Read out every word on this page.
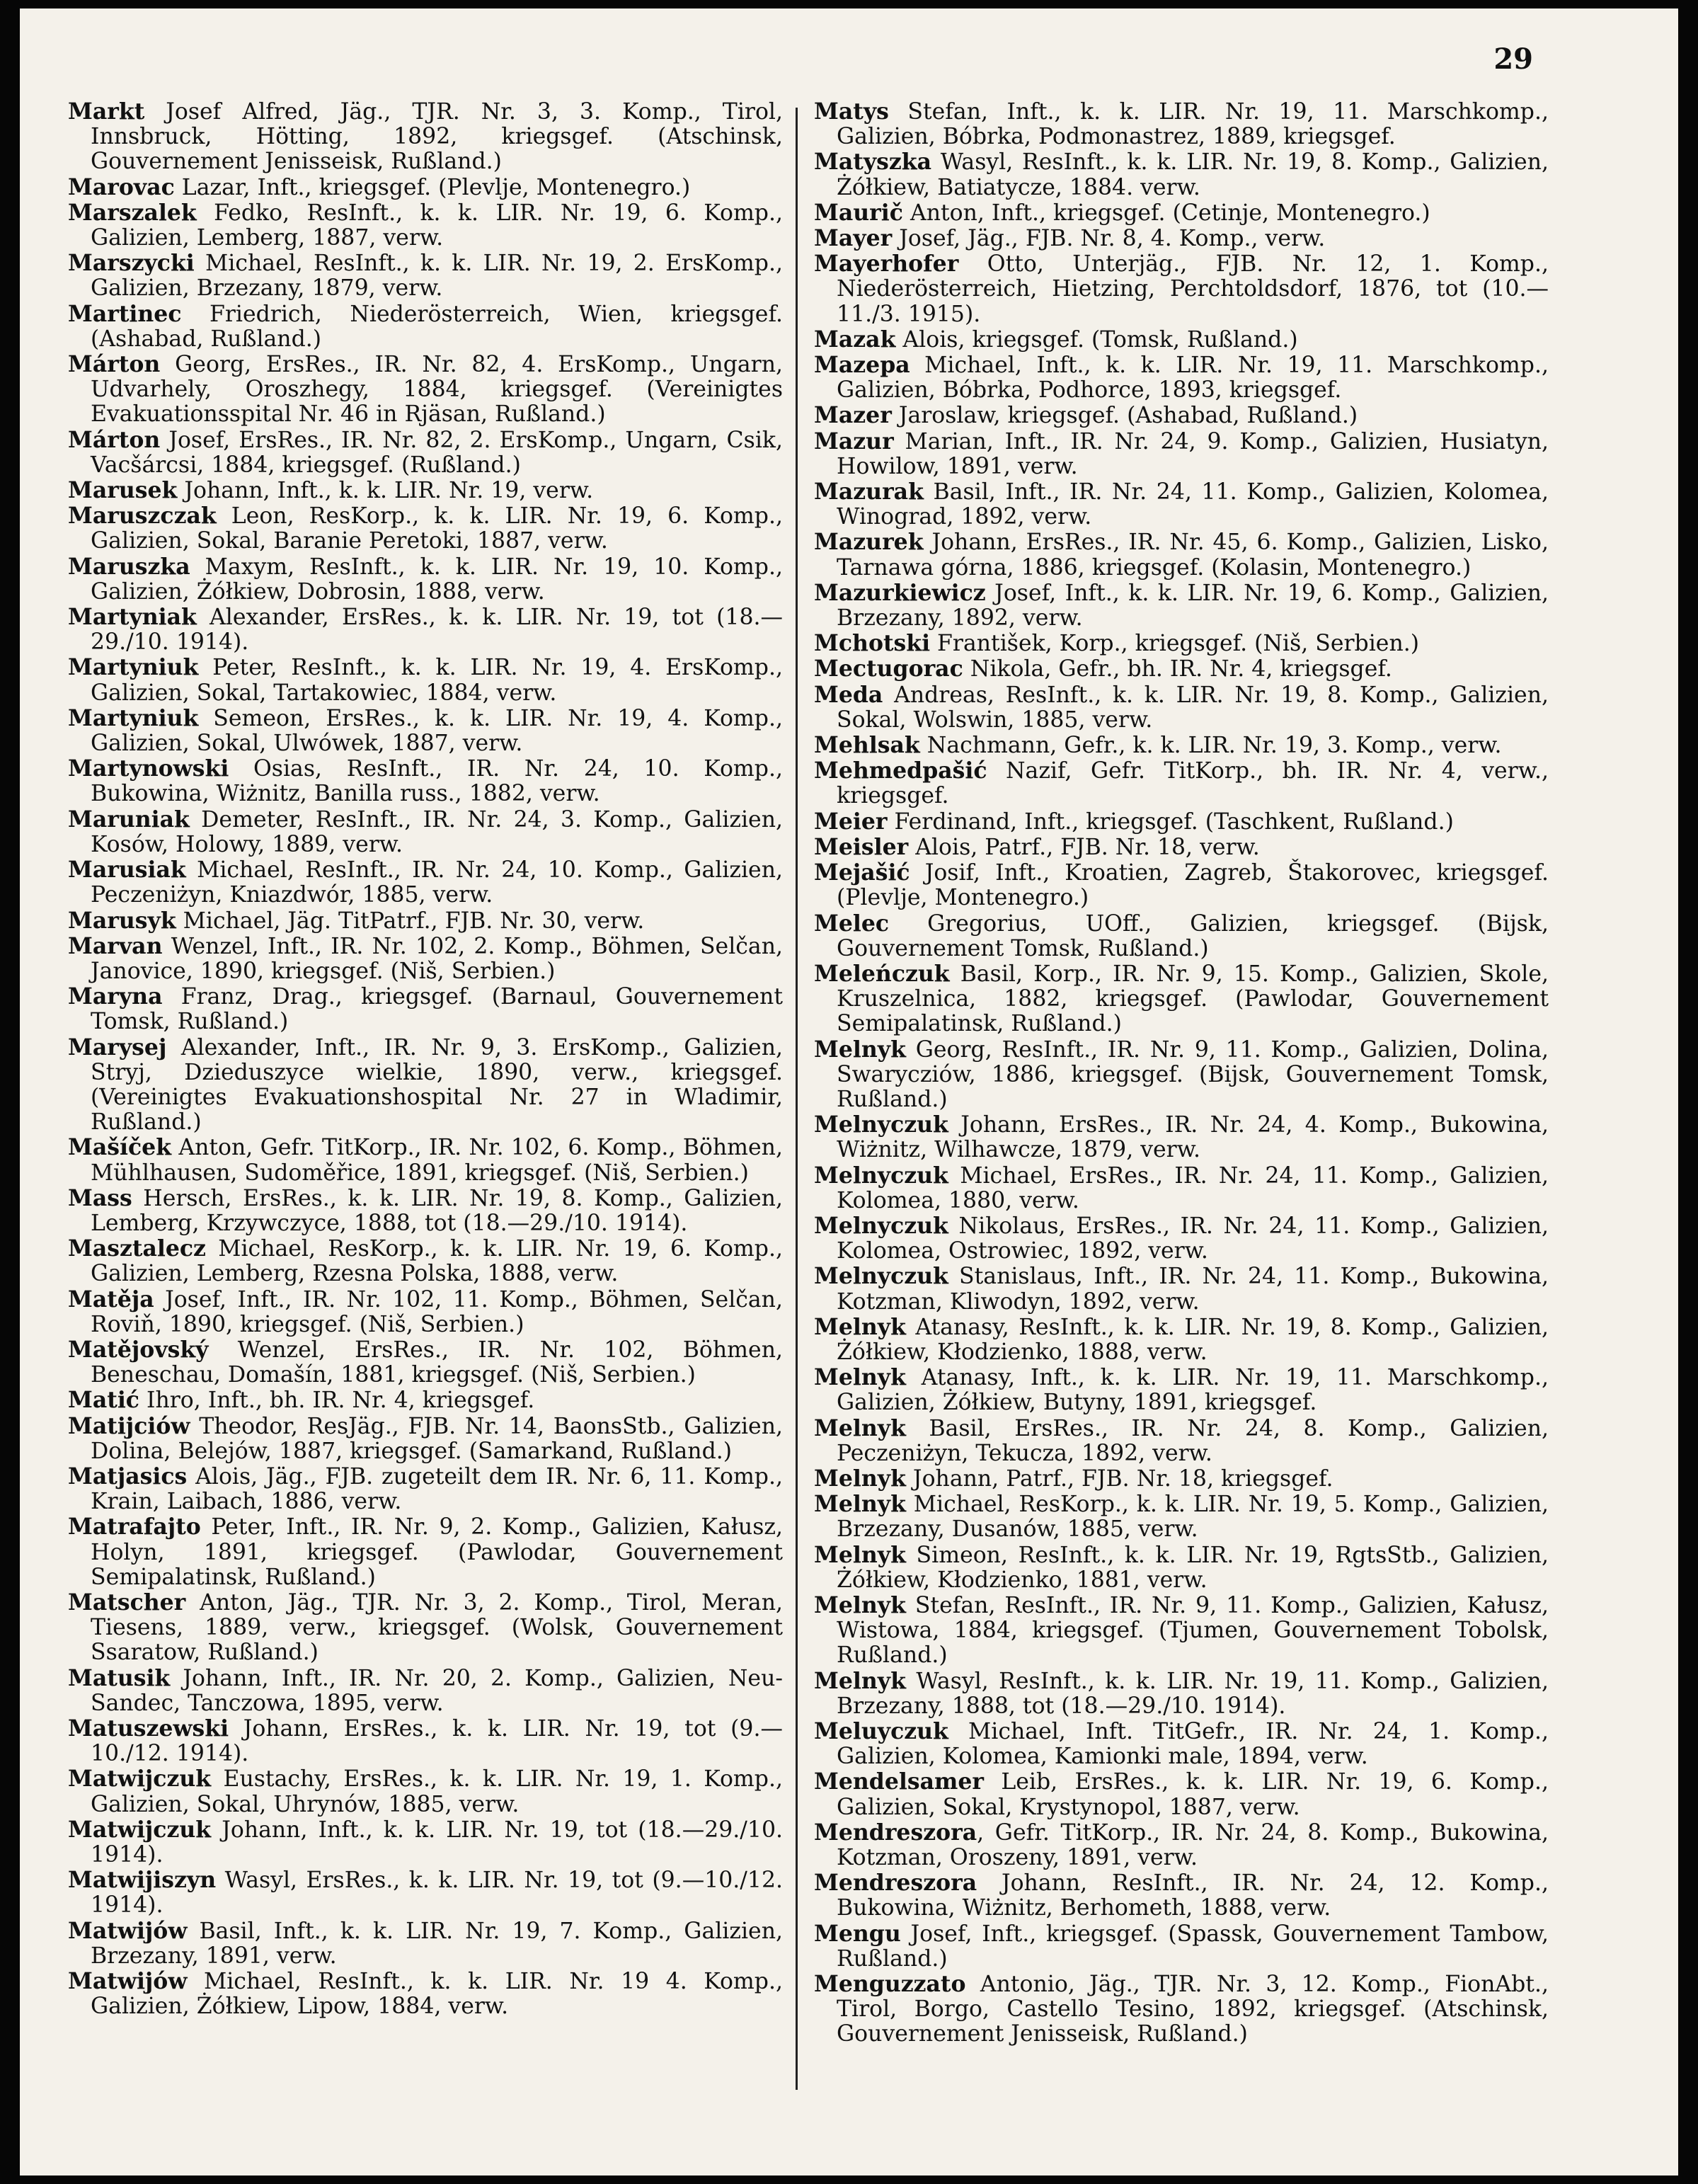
29

Markt Josef Alfred, Jäg., TJR. Nr. 3, 3. Komp., Tirol, Innsbruck, Hötting, 1892, kriegsgef. (Atschinsk, Gouvernement Jenisseisk, Rußland.)

Marovac Lazar, Inft., kriegsgef. (Plevlje, Montenegro.)

Marszalek Fedko, ResInft., k. k. LIR. Nr. 19, 6. Komp., Galizien, Lemberg, 1887, verw.

Marszycki Michael, ResInft., k. k. LIR. Nr. 19, 2. ErsKomp., Galizien, Brzezany, 1879, verw.

Martinec Friedrich, Niederösterreich, Wien, kriegsgef. (Ashabad, Rußland.)

Márton Georg, ErsRes., IR. Nr. 82, 4. ErsKomp., Ungarn, Udvarhely, Oroszhegy, 1884, kriegsgef. (Vereinigtes Evakuationsspital Nr. 46 in Rjäsan, Rußland.)

Márton Josef, ErsRes., IR. Nr. 82, 2. ErsKomp., Ungarn, Csik, Vacšárcsi, 1884, kriegsgef. (Rußland.)

Marusek Johann, Inft., k. k. LIR. Nr. 19, verw.

Maruszczak Leon, ResKorp., k. k. LIR. Nr. 19, 6. Komp., Galizien, Sokal, Baranie Peretoki, 1887, verw.

Maruszka Maxym, ResInft., k. k. LIR. Nr. 19, 10. Komp., Galizien, Żółkiew, Dobrosin, 1888, verw.

Martyniak Alexander, ErsRes., k. k. LIR. Nr. 19, tot (18.—29./10. 1914).

Martyniuk Peter, ResInft., k. k. LIR. Nr. 19, 4. ErsKomp., Galizien, Sokal, Tartakowiec, 1884, verw.

Martyniuk Semeon, ErsRes., k. k. LIR. Nr. 19, 4. Komp., Galizien, Sokal, Ulwówek, 1887, verw.

Martynowski Osias, ResInft., IR. Nr. 24, 10. Komp., Bukowina, Wiżnitz, Banilla russ., 1882, verw.

Maruniak Demeter, ResInft., IR. Nr. 24, 3. Komp., Galizien, Kosów, Holowy, 1889, verw.

Marusiak Michael, ResInft., IR. Nr. 24, 10. Komp., Galizien, Peczeniżyn, Kniazdwór, 1885, verw.

Marusyk Michael, Jäg. TitPatrf., FJB. Nr. 30, verw.

Marvan Wenzel, Inft., IR. Nr. 102, 2. Komp., Böhmen, Selčan, Janovice, 1890, kriegsgef. (Niš, Serbien.)

Maryna Franz, Drag., kriegsgef. (Barnaul, Gouvernement Tomsk, Rußland.)

Marysej Alexander, Inft., IR. Nr. 9, 3. ErsKomp., Galizien, Stryj, Dzieduszyce wielkie, 1890, verw., kriegsgef. (Vereinigtes Evakuationshospital Nr. 27 in Wladimir, Rußland.)

Mašíček Anton, Gefr. TitKorp., IR. Nr. 102, 6. Komp., Böhmen, Mühlhausen, Sudoměřice, 1891, kriegsgef. (Niš, Serbien.)

Mass Hersch, ErsRes., k. k. LIR. Nr. 19, 8. Komp., Galizien, Lemberg, Krzywczyce, 1888, tot (18.—29./10. 1914).

Masztalecz Michael, ResKorp., k. k. LIR. Nr. 19, 6. Komp., Galizien, Lemberg, Rzesna Polska, 1888, verw.

Matěja Josef, Inft., IR. Nr. 102, 11. Komp., Böhmen, Selčan, Roviň, 1890, kriegsgef. (Niš, Serbien.)

Matějovský Wenzel, ErsRes., IR. Nr. 102, Böhmen, Beneschau, Domašín, 1881, kriegsgef. (Niš, Serbien.)

Matić Ihro, Inft., bh. IR. Nr. 4, kriegsgef.

Matijciów Theodor, ResJäg., FJB. Nr. 14, BaonsStb., Galizien, Dolina, Belejów, 1887, kriegsgef. (Samarkand, Rußland.)

Matjasics Alois, Jäg., FJB. zugeteilt dem IR. Nr. 6, 11. Komp., Krain, Laibach, 1886, verw.

Matrafajto Peter, Inft., IR. Nr. 9, 2. Komp., Galizien, Kałusz, Holyn, 1891, kriegsgef. (Pawlodar, Gouvernement Semipalatinsk, Rußland.)

Matscher Anton, Jäg., TJR. Nr. 3, 2. Komp., Tirol, Meran, Tiesens, 1889, verw., kriegsgef. (Wolsk, Gouvernement Ssaratow, Rußland.)

Matusik Johann, Inft., IR. Nr. 20, 2. Komp., Galizien, Neu-Sandec, Tanczowa, 1895, verw.

Matuszewski Johann, ErsRes., k. k. LIR. Nr. 19, tot (9.—10./12. 1914).

Matwijczuk Eustachy, ErsRes., k. k. LIR. Nr. 19, 1. Komp., Galizien, Sokal, Uhrynów, 1885, verw.

Matwijczuk Johann, Inft., k. k. LIR. Nr. 19, tot (18.—29./10. 1914).

Matwijiszyn Wasyl, ErsRes., k. k. LIR. Nr. 19, tot (9.—10./12. 1914).

Matwijów Basil, Inft., k. k. LIR. Nr. 19, 7. Komp., Galizien, Brzezany, 1891, verw.

Matwijów Michael, ResInft., k. k. LIR. Nr. 19 4. Komp., Galizien, Żółkiew, Lipow, 1884, verw.

Matys Stefan, Inft., k. k. LIR. Nr. 19, 11. Marschkomp., Galizien, Bóbrka, Podmonastrez, 1889, kriegsgef.

Matyszka Wasyl, ResInft., k. k. LIR. Nr. 19, 8. Komp., Galizien, Żółkiew, Batiatycze, 1884. verw.

Maurič Anton, Inft., kriegsgef. (Cetinje, Montenegro.)

Mayer Josef, Jäg., FJB. Nr. 8, 4. Komp., verw.

Mayerhofer Otto, Unterjäg., FJB. Nr. 12, 1. Komp., Niederösterreich, Hietzing, Perchtoldsdorf, 1876, tot (10.—11./3. 1915).

Mazak Alois, kriegsgef. (Tomsk, Rußland.)

Mazepa Michael, Inft., k. k. LIR. Nr. 19, 11. Marschkomp., Galizien, Bóbrka, Podhorce, 1893, kriegsgef.

Mazer Jaroslaw, kriegsgef. (Ashabad, Rußland.)

Mazur Marian, Inft., IR. Nr. 24, 9. Komp., Galizien, Husiatyn, Howilow, 1891, verw.

Mazurak Basil, Inft., IR. Nr. 24, 11. Komp., Galizien, Kolomea, Winograd, 1892, verw.

Mazurek Johann, ErsRes., IR. Nr. 45, 6. Komp., Galizien, Lisko, Tarnawa górna, 1886, kriegsgef. (Kolasin, Montenegro.)

Mazurkiewicz Josef, Inft., k. k. LIR. Nr. 19, 6. Komp., Galizien, Brzezany, 1892, verw.

Mchotski František, Korp., kriegsgef. (Niš, Serbien.)

Mectugorac Nikola, Gefr., bh. IR. Nr. 4, kriegsgef.

Meda Andreas, ResInft., k. k. LIR. Nr. 19, 8. Komp., Galizien, Sokal, Wolswin, 1885, verw.

Mehlsak Nachmann, Gefr., k. k. LIR. Nr. 19, 3. Komp., verw.

Mehmedpašić Nazif, Gefr. TitKorp., bh. IR. Nr. 4, verw., kriegsgef.

Meier Ferdinand, Inft., kriegsgef. (Taschkent, Rußland.)

Meisler Alois, Patrf., FJB. Nr. 18, verw.

Mejašić Josif, Inft., Kroatien, Zagreb, Štakorovec, kriegsgef. (Plevlje, Montenegro.)

Melec Gregorius, UOff., Galizien, kriegsgef. (Bijsk, Gouvernement Tomsk, Rußland.)

Meleńczuk Basil, Korp., IR. Nr. 9, 15. Komp., Galizien, Skole, Kruszelnica, 1882, kriegsgef. (Pawlodar, Gouvernement Semipalatinsk, Rußland.)

Melnyk Georg, ResInft., IR. Nr. 9, 11. Komp., Galizien, Dolina, Swarycziów, 1886, kriegsgef. (Bijsk, Gouvernement Tomsk, Rußland.)

Melnyczuk Johann, ErsRes., IR. Nr. 24, 4. Komp., Bukowina, Wiżnitz, Wilhawcze, 1879, verw.

Melnyczuk Michael, ErsRes., IR. Nr. 24, 11. Komp., Galizien, Kolomea, 1880, verw.

Melnyczuk Nikolaus, ErsRes., IR. Nr. 24, 11. Komp., Galizien, Kolomea, Ostrowiec, 1892, verw.

Melnyczuk Stanislaus, Inft., IR. Nr. 24, 11. Komp., Bukowina, Kotzman, Kliwodyn, 1892, verw.

Melnyk Atanasy, ResInft., k. k. LIR. Nr. 19, 8. Komp., Galizien, Żółkiew, Kłodzienko, 1888, verw.

Melnyk Atanasy, Inft., k. k. LIR. Nr. 19, 11. Marschkomp., Galizien, Żółkiew, Butyny, 1891, kriegsgef.

Melnyk Basil, ErsRes., IR. Nr. 24, 8. Komp., Galizien, Peczeniżyn, Tekucza, 1892, verw.

Melnyk Johann, Patrf., FJB. Nr. 18, kriegsgef.

Melnyk Michael, ResKorp., k. k. LIR. Nr. 19, 5. Komp., Galizien, Brzezany, Dusanów, 1885, verw.

Melnyk Simeon, ResInft., k. k. LIR. Nr. 19, RgtsStb., Galizien, Żółkiew, Kłodzienko, 1881, verw.

Melnyk Stefan, ResInft., IR. Nr. 9, 11. Komp., Galizien, Kałusz, Wistowa, 1884, kriegsgef. (Tjumen, Gouvernement Tobolsk, Rußland.)

Melnyk Wasyl, ResInft., k. k. LIR. Nr. 19, 11. Komp., Galizien, Brzezany, 1888, tot (18.—29./10. 1914).

Meluyczuk Michael, Inft. TitGefr., IR. Nr. 24, 1. Komp., Galizien, Kolomea, Kamionki male, 1894, verw.

Mendelsamer Leib, ErsRes., k. k. LIR. Nr. 19, 6. Komp., Galizien, Sokal, Krystynopol, 1887, verw.

Mendreszora, Gefr. TitKorp., IR. Nr. 24, 8. Komp., Bukowina, Kotzman, Oroszeny, 1891, verw.

Mendreszora Johann, ResInft., IR. Nr. 24, 12. Komp., Bukowina, Wiżnitz, Berhometh, 1888, verw.

Mengu Josef, Inft., kriegsgef. (Spassk, Gouvernement Tambow, Rußland.)

Menguzzato Antonio, Jäg., TJR. Nr. 3, 12. Komp., FionAbt., Tirol, Borgo, Castello Tesino, 1892, kriegsgef. (Atschinsk, Gouvernement Jenisseisk, Rußland.)
